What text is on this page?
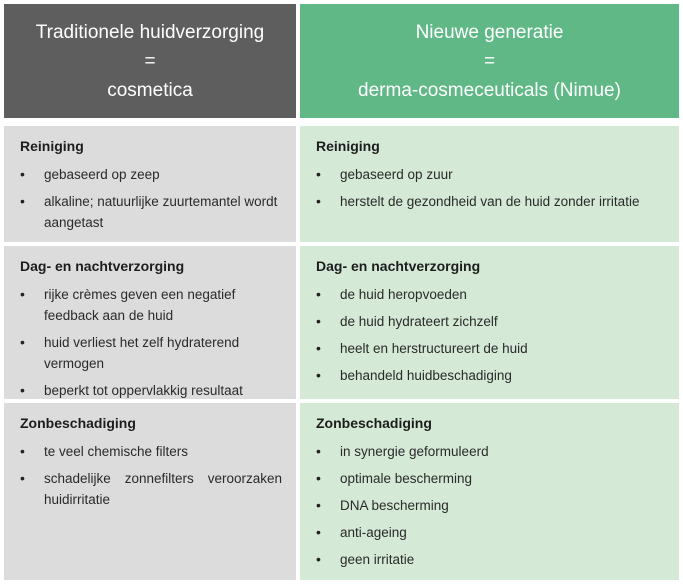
Traditionele huidverzorging
=
cosmetica
Nieuwe generatie
=
derma-cosmeceuticals (Nimue)
Reiniging
• gebaseerd op zeep
• alkaline; natuurlijke zuurtemantel wordt aangetast
Reiniging
• gebaseerd op zuur
• herstelt de gezondheid van de huid zonder irritatie
Dag- en nachtverzorging
• rijke crèmes geven een negatief feedback aan de huid
• huid verliest het zelf hydraterend vermogen
• beperkt tot oppervlakkig resultaat
Dag- en nachtverzorging
• de huid heropvoeden
• de huid hydrateert zichzelf
• heelt en herstructureert de huid
• behandeld huidbeschadiging
Zonbeschadiging
• te veel chemische filters
• schadelijke zonnefilters veroorzaken huidirritatie
Zonbeschadiging
• in synergie geformuleerd
• optimale bescherming
• DNA bescherming
• anti-ageing
• geen irritatie
